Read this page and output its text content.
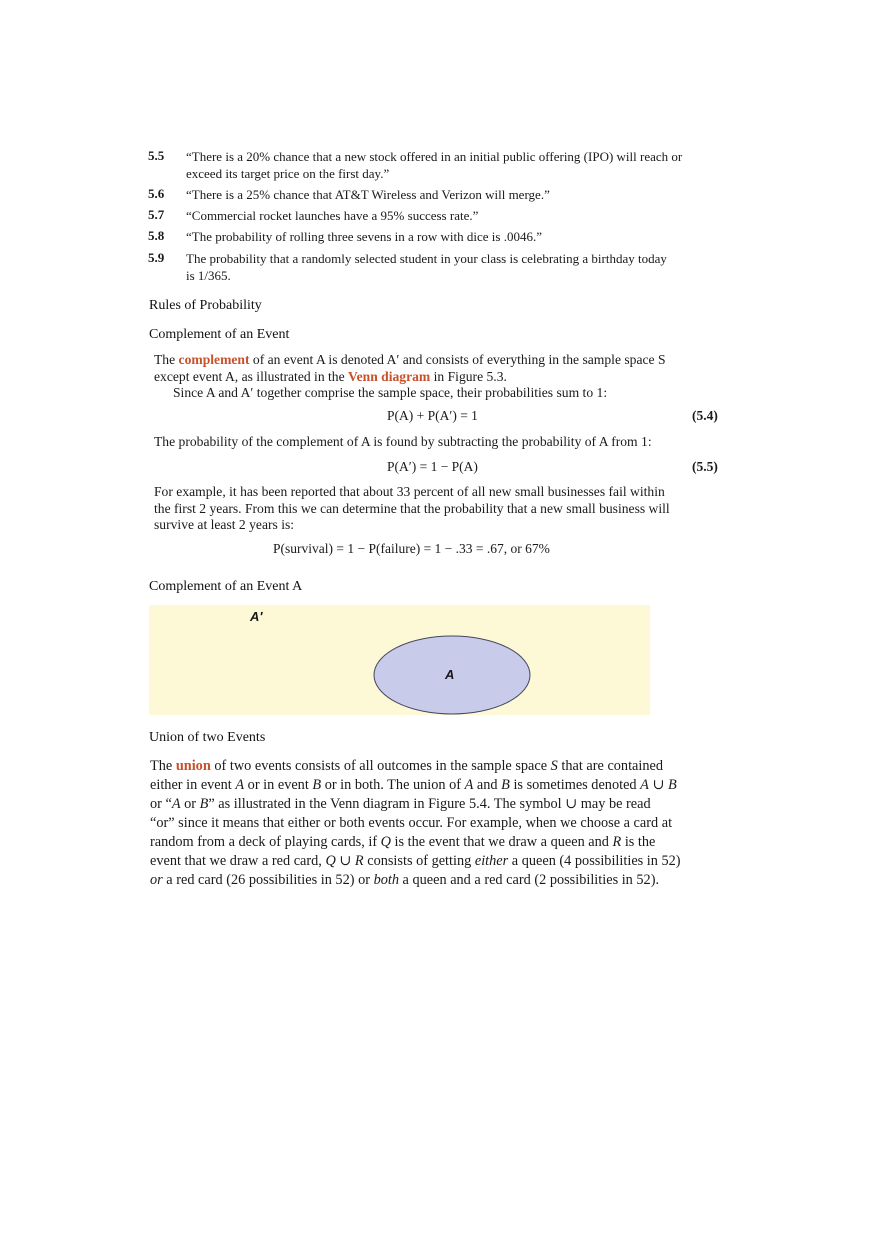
5.5 “There is a 20% chance that a new stock offered in an initial public offering (IPO) will reach or
exceed its target price on the first day.”
5.6 “There is a 25% chance that AT&T Wireless and Verizon will merge.”
5.7 “Commercial rocket launches have a 95% success rate.”
5.8 “The probability of rolling three sevens in a row with dice is .0046.”
5.9 The probability that a randomly selected student in your class is celebrating a birthday today
is 1/365.
Rules of Probability
Complement of an Event
The complement of an event A is denoted A′ and consists of everything in the sample space S
except event A, as illustrated in the Venn diagram in Figure 5.3.
Since A and A′ together comprise the sample space, their probabilities sum to 1:
P(A) + P(A′) = 1	(5.4)
The probability of the complement of A is found by subtracting the probability of A from 1:
P(A′) = 1 − P(A)	(5.5)
For example, it has been reported that about 33 percent of all new small businesses fail within
the first 2 years. From this we can determine that the probability that a new small business will
survive at least 2 years is:
P(survival) = 1 − P(failure) = 1 − .33 = .67, or 67%
Complement of an Event A
A′
A
Union of two Events
The union of two events consists of all outcomes in the sample space S that are contained
either in event A or in event B or in both. The union of A and B is sometimes denoted A ∪ B
or “A or B” as illustrated in the Venn diagram in Figure 5.4. The symbol ∪ may be read
“or” since it means that either or both events occur. For example, when we choose a card at
random from a deck of playing cards, if Q is the event that we draw a queen and R is the
event that we draw a red card, Q ∪ R consists of getting either a queen (4 possibilities in 52)
or a red card (26 possibilities in 52) or both a queen and a red card (2 possibilities in 52).
